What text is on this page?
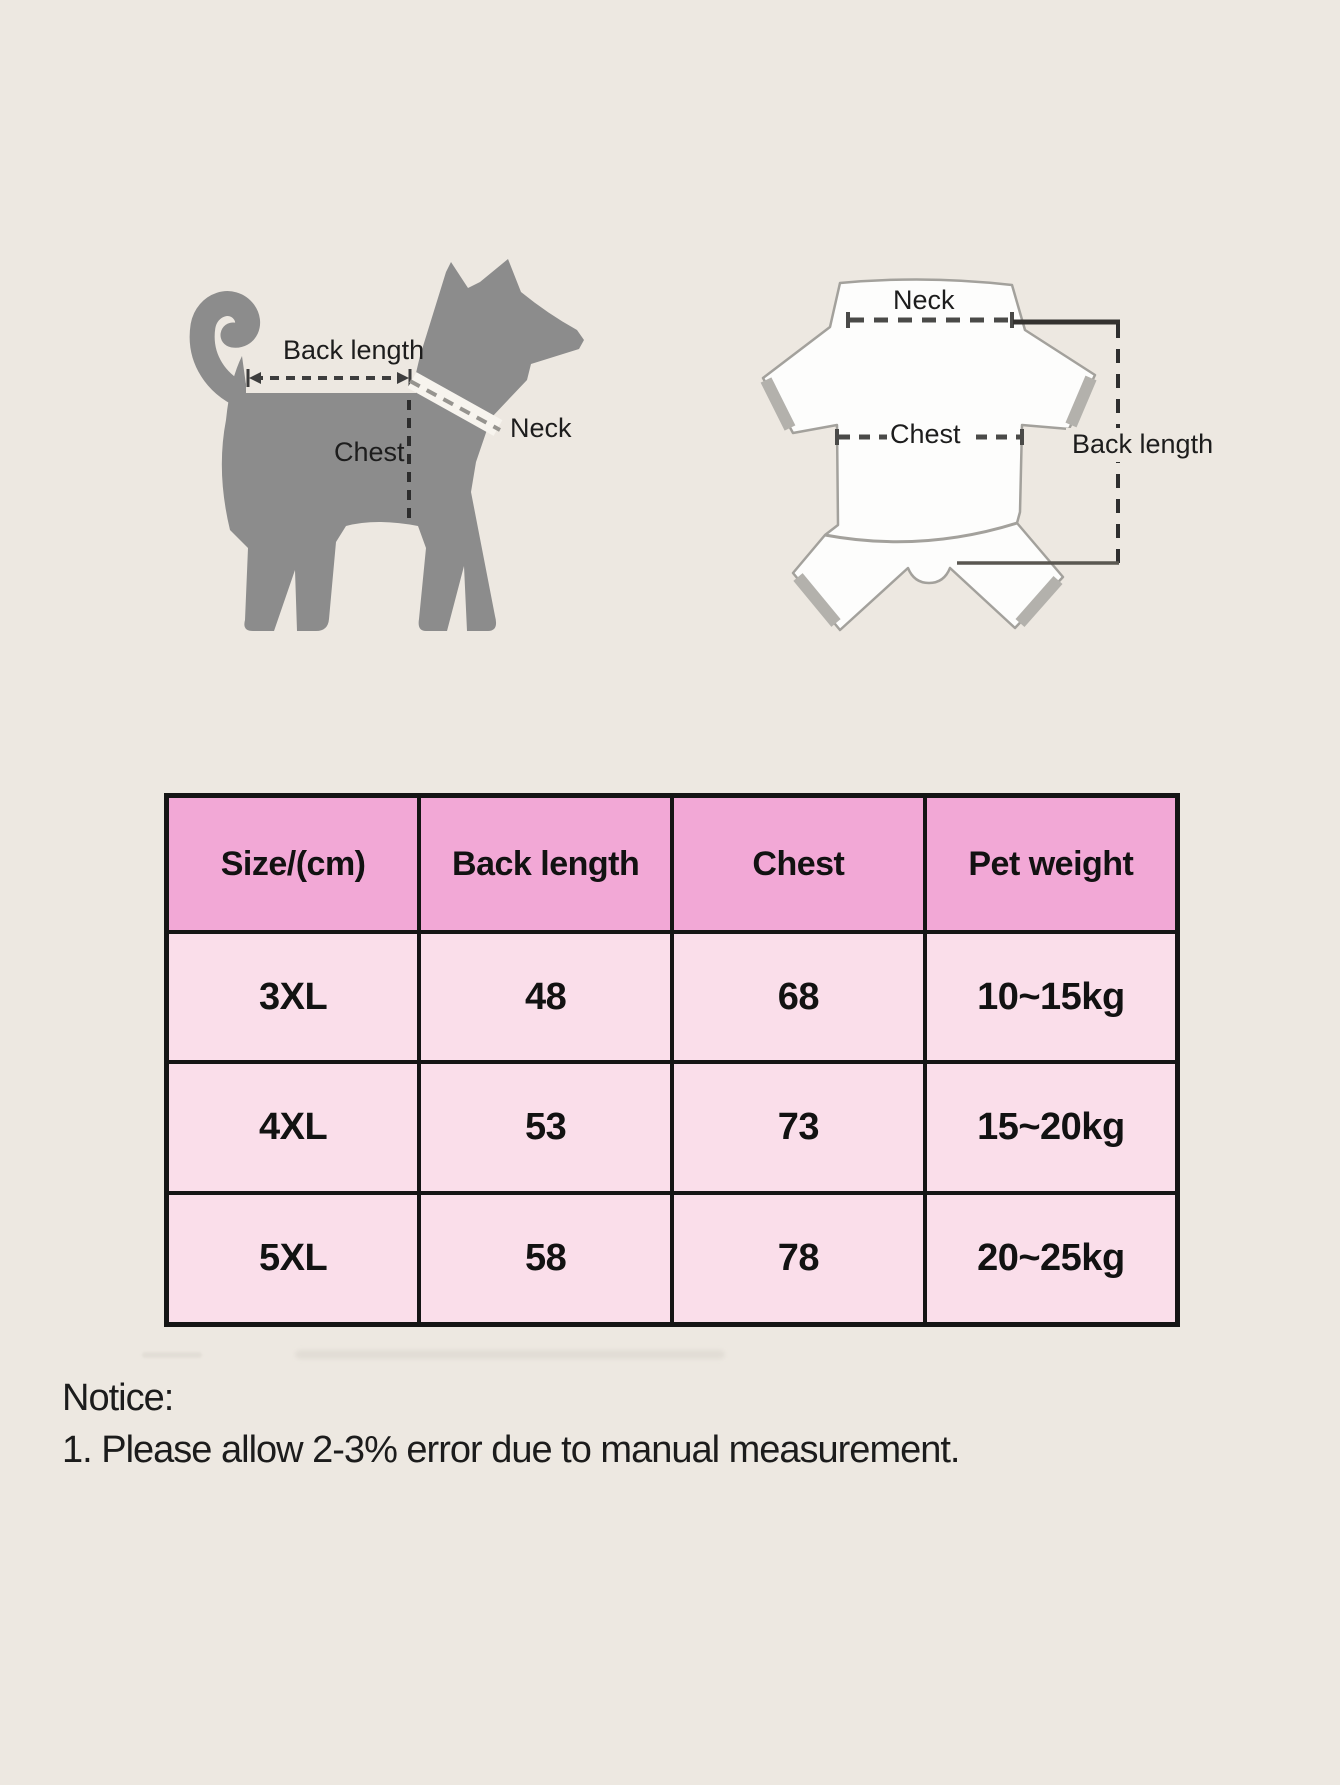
Back length
Chest
Neck
Neck
Chest	Back length
Size/(cm)	Back length	Chest	Pet weight
3XL	48	68	10~15kg
4XL	53	73	15~20kg
5XL	58	78	20~25kg
Notice:
1. Please allow 2-3% error due to manual measurement.
